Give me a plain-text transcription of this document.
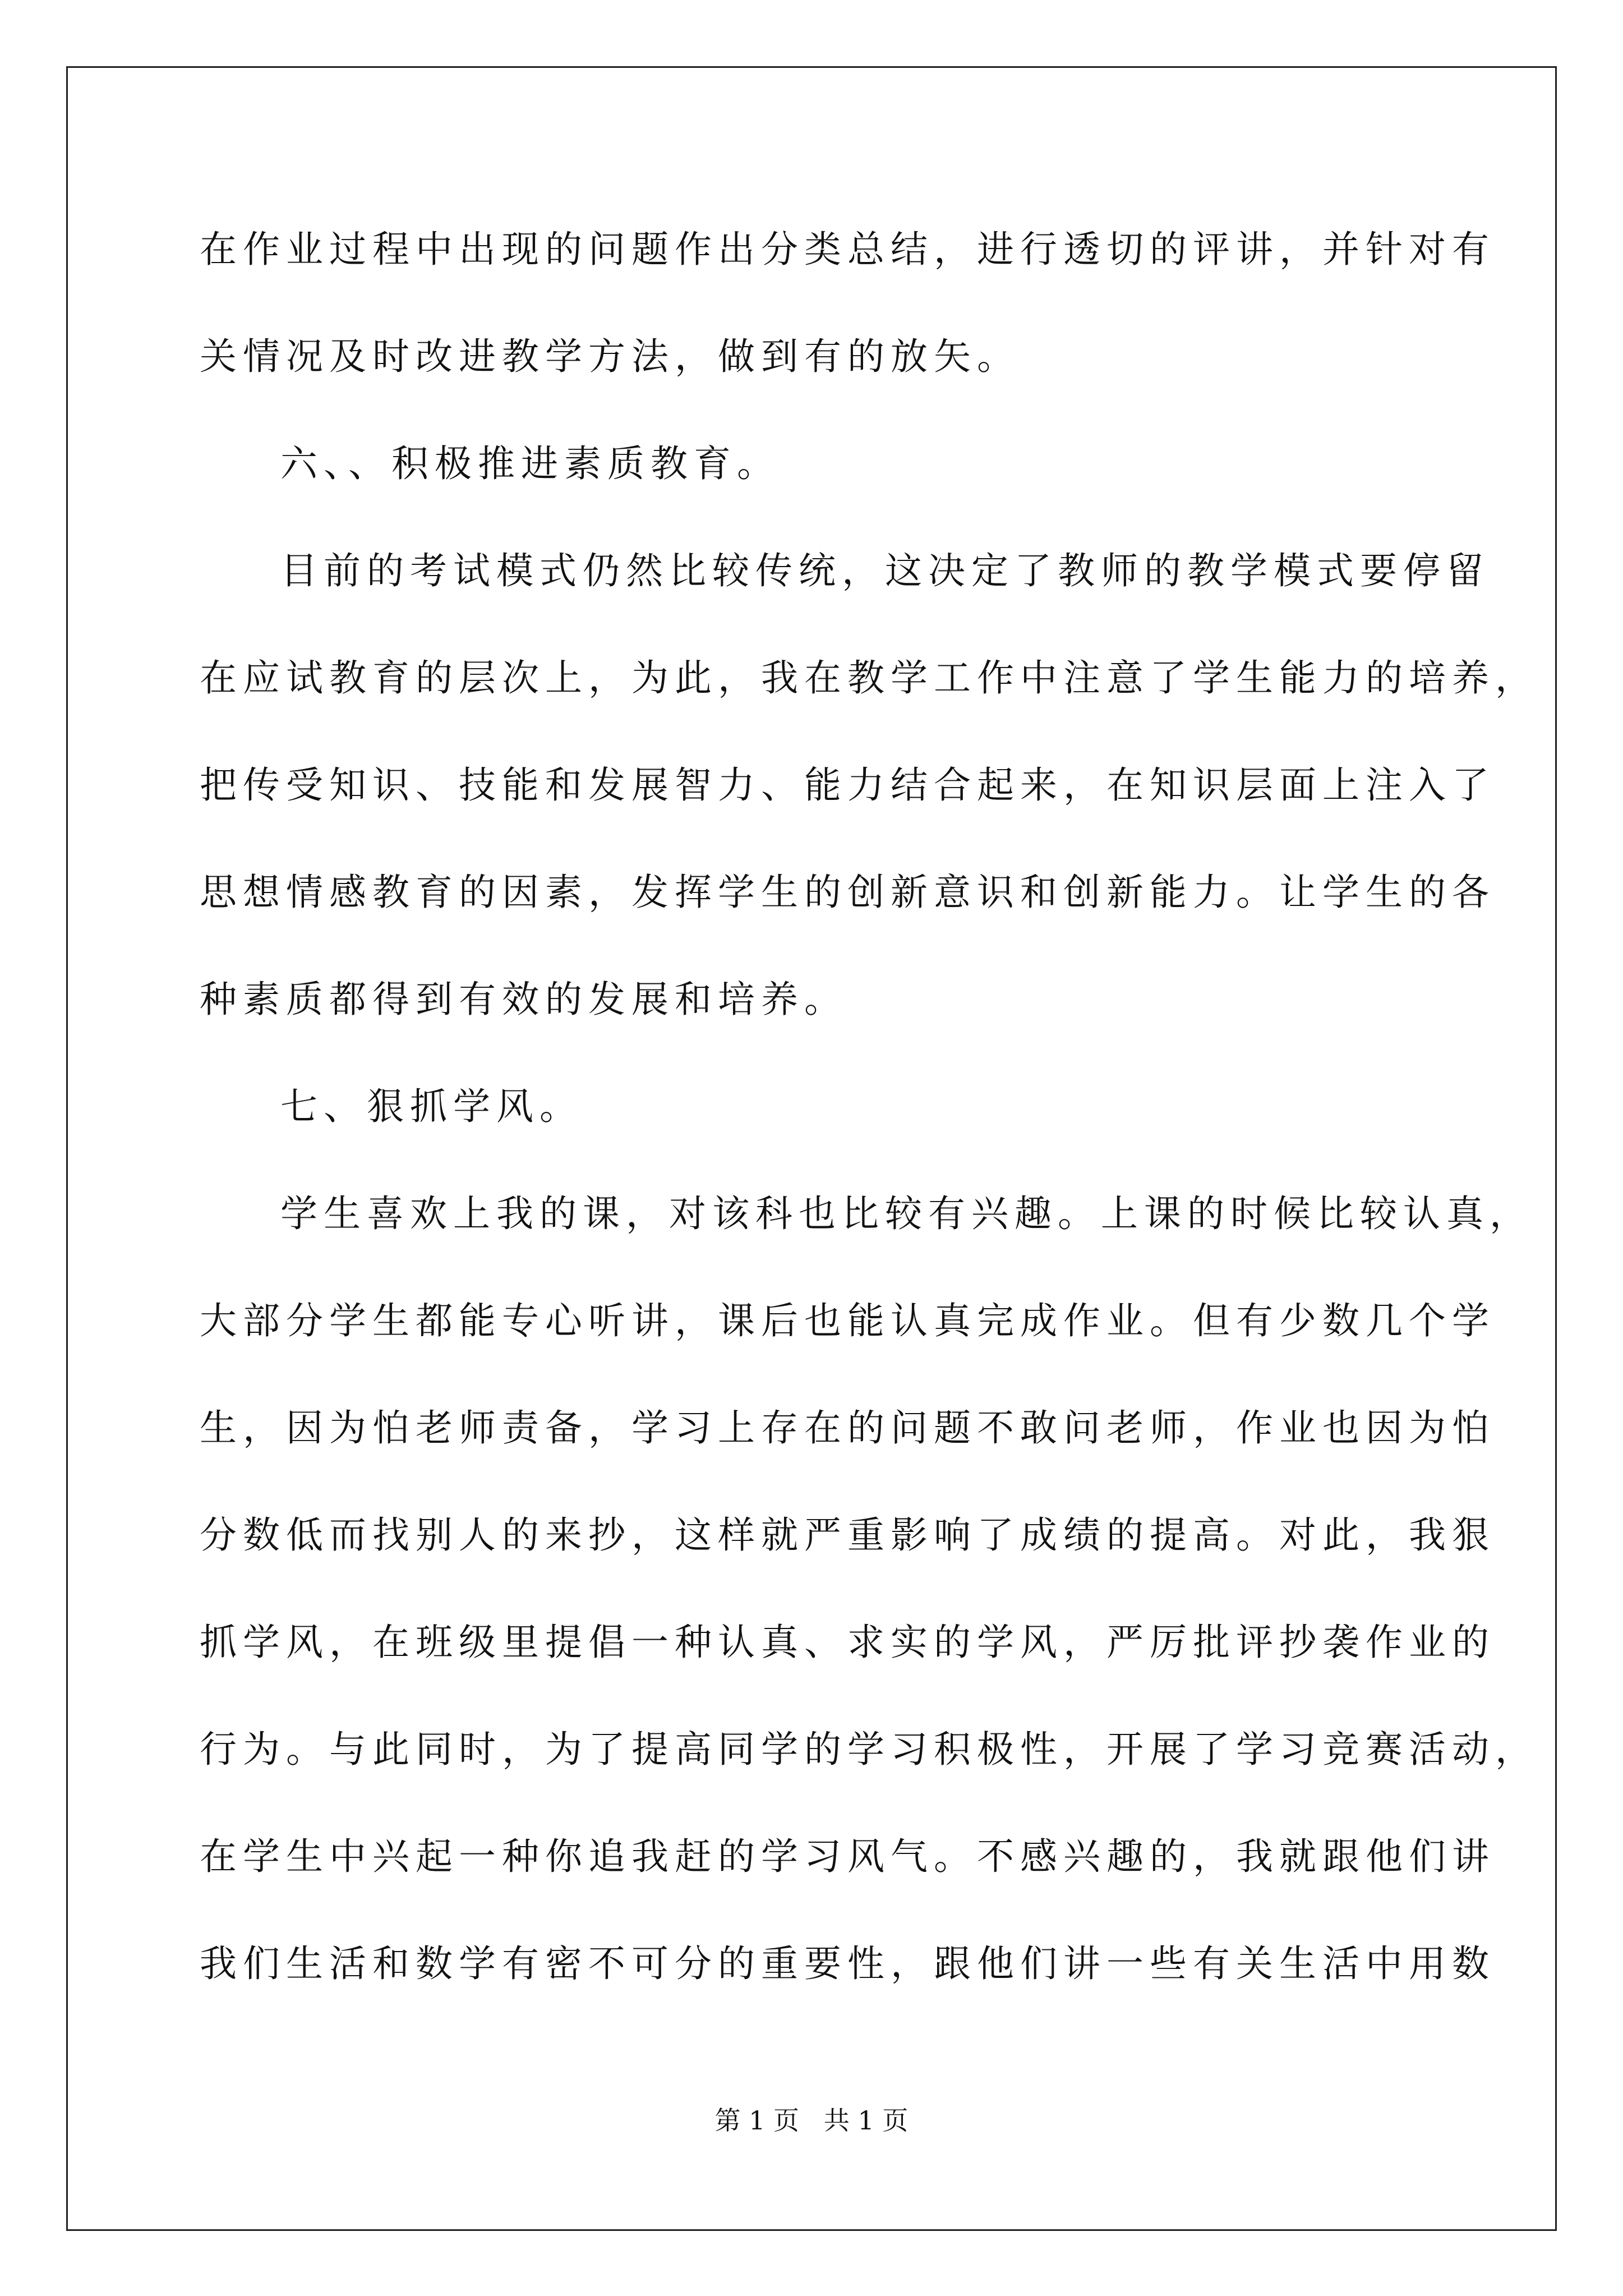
在作业过程中出现的问题作出分类总结，进行透切的评讲，并针对有
关情况及时改进教学方法，做到有的放矢。
六、、积极推进素质教育。
目前的考试模式仍然比较传统，这决定了教师的教学模式要停留
在应试教育的层次上，为此，我在教学工作中注意了学生能力的培养，
把传受知识、技能和发展智力、能力结合起来，在知识层面上注入了
思想情感教育的因素，发挥学生的创新意识和创新能力。让学生的各
种素质都得到有效的发展和培养。
七、狠抓学风。
学生喜欢上我的课，对该科也比较有兴趣。上课的时候比较认真，
大部分学生都能专心听讲，课后也能认真完成作业。但有少数几个学
生，因为怕老师责备，学习上存在的问题不敢问老师，作业也因为怕
分数低而找别人的来抄，这样就严重影响了成绩的提高。对此，我狠
抓学风，在班级里提倡一种认真、求实的学风，严厉批评抄袭作业的
行为。与此同时，为了提高同学的学习积极性，开展了学习竞赛活动，
在学生中兴起一种你追我赶的学习风气。不感兴趣的，我就跟他们讲
我们生活和数学有密不可分的重要性，跟他们讲一些有关生活中用数
第 1 页   共 1 页
